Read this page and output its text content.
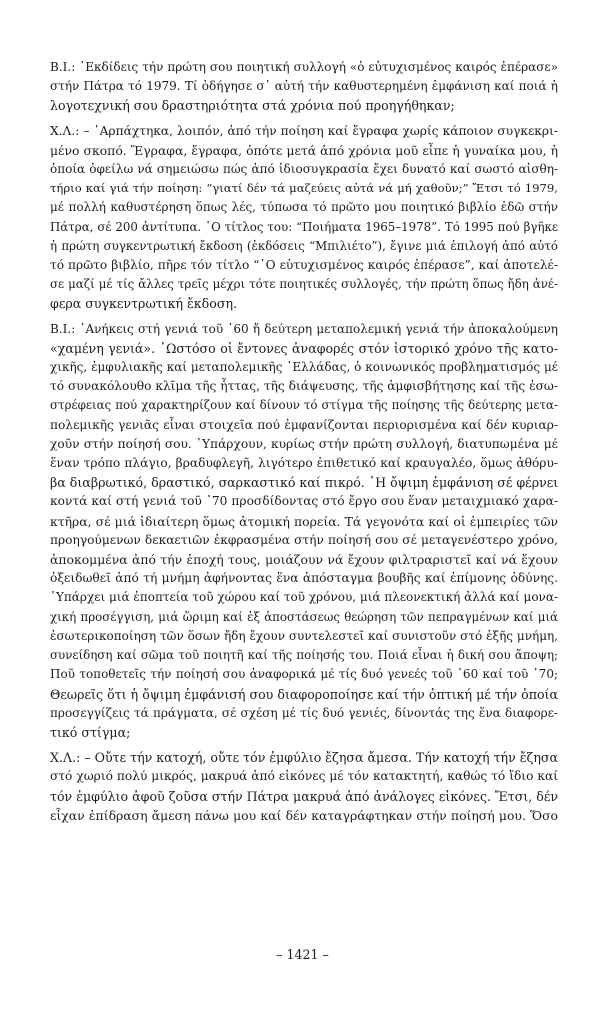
Β.Ι.: ᾿Εκδίδεις τήν πρώτη σου ποιητική συλλογή «ὁ εὐτυχισμένος καιρός ἐπέρασε»
στήν Πάτρα τό 1979. Τί ὁδήγησε σ᾿ αὐτή τήν καθυστερημένη ἐμφάνιση καί ποιά ἡ
λογοτεχνική σου δραστηριότητα στά χρόνια πού προηγήθηκαν;
Χ.Λ.: – ᾿Αρπάχτηκα, λοιπόν, ἀπό τήν ποίηση καί ἔγραφα χωρίς κάποιον συγκεκρι-
μένο σκοπό. Ἔγραφα, ἔγραφα, ὁπότε μετά ἀπό χρόνια μοῦ εἶπε ἡ γυναίκα μου, ἡ
ὁποία ὀφείλω νά σημειώσω πώς ἀπό ἰδιοσυγκρασία ἔχει δυνατό καί σωστό αἰσθη-
τήριο καί γιά τήν ποίηση: “γιατί δέν τά μαζεύεις αὐτά νά μή χαθοῦν;” Ἔτσι τό 1979,
μέ πολλή καθυστέρηση ὅπως λές, τύπωσα τό πρῶτο μου ποιητικό βιβλίο ἐδῶ στήν
Πάτρα, σέ 200 ἀντίτυπα. ῾Ο τίτλος του: “Ποιήματα 1965–1978”. Τό 1995 πού βγῆκε
ἡ πρώτη συγκεντρωτική ἔκδοση (ἐκδόσεις “Μπιλιέτο”), ἔγινε μιά ἐπιλογή ἀπό αὐτό
τό πρῶτο βιβλίο, πῆρε τόν τίτλο “῾Ο εὐτυχισμένος καιρός ἐπέρασε”, καί ἀποτελέ-
σε μαζί μέ τίς ἄλλες τρεῖς μέχρι τότε ποιητικές συλλογές, τήν πρώτη ὅπως ἤδη ἀνέ-
φερα συγκεντρωτική ἔκδοση.
Β.Ι.: ᾿Ανήκεις στή γενιά τοῦ ᾿60 ἤ δεύτερη μεταπολεμική γενιά τήν ἀποκαλούμενη
«χαμένη γενιά». ᾿Ωστόσο οἱ ἔντονες ἀναφορές στόν ἱστορικό χρόνο τῆς κατο-
χικῆς, ἐμφυλιακῆς καί μεταπολεμικῆς ῾Ελλάδας, ὁ κοινωνικός προβληματισμός μέ
τό συνακόλουθο κλῖμα τῆς ἧττας, τῆς διάψευσης, τῆς ἀμφισβήτησης καί τῆς ἐσω-
στρέφειας πού χαρακτηρίζουν καί δίνουν τό στίγμα τῆς ποίησης τῆς δεύτερης μετα-
πολεμικῆς γενιᾶς εἶναι στοιχεῖα πού ἐμφανίζονται περιορισμένα καί δέν κυριαρ-
χοῦν στήν ποίησή σου. ῾Υπάρχουν, κυρίως στήν πρώτη συλλογή, διατυπωμένα μέ
ἕναν τρόπο πλάγιο, βραδυφλεγῆ, λιγότερο ἐπιθετικό καί κραυγαλέο, ὅμως ἀθόρυ-
βα διαβρωτικό, δραστικό, σαρκαστικό καί πικρό. ῾Η ὄψιμη ἐμφάνιση σέ φέρνει
κοντά καί στή γενιά τοῦ ᾿70 προσδίδοντας στό ἔργο σου ἕναν μεταιχμιακό χαρα-
κτῆρα, σέ μιά ἰδιαίτερη ὅμως ἀτομική πορεία. Τά γεγονότα καί οἱ ἐμπειρίες τῶν
προηγούμενων δεκαετιῶν ἐκφρασμένα στήν ποίησή σου σέ μεταγενέστερο χρόνο,
ἀποκομμένα ἀπό τήν ἐποχή τους, μοιάζουν νά ἔχουν φιλτραριστεῖ καί νά ἔχουν
ὀξειδωθεῖ ἀπό τή μνήμη ἀφήνοντας ἕνα ἀπόσταγμα βουβῆς καί ἐπίμονης ὀδύνης.
῾Υπάρχει μιά ἐποπτεία τοῦ χώρου καί τοῦ χρόνου, μιά πλεονεκτική ἀλλά καί μονα-
χική προσέγγιση, μιά ὥριμη καί ἐξ ἀποστάσεως θεώρηση τῶν πεπραγμένων καί μιά
ἐσωτερικοποίηση τῶν ὅσων ἤδη ἔχουν συντελεστεῖ καί συνιστοῦν στό ἑξῆς μνήμη,
συνείδηση καί σῶμα τοῦ ποιητῆ καί τῆς ποίησής του. Ποιά εἶναι ἡ δική σου ἄποψη;
Ποῦ τοποθετεῖς τήν ποίησή σου ἀναφορικά μέ τίς δυό γενεές τοῦ ᾿60 καί τοῦ ᾿70;
Θεωρεῖς ὅτι ἡ ὄψιμη ἐμφάνισή σου διαφοροποίησε καί τήν ὀπτική μέ τήν ὁποία
προσεγγίζεις τά πράγματα, σέ σχέση μέ τίς δυό γενιές, δίνοντάς της ἕνα διαφορε-
τικό στίγμα;
Χ.Λ.: – Οὔτε τήν κατοχή, οὔτε τόν ἐμφύλιο ἔζησα ἄμεσα. Τήν κατοχή τήν ἔζησα
στό χωριό πολύ μικρός, μακρυά ἀπό εἰκόνες μέ τόν κατακτητή, καθώς τό ἴδιο καί
τόν ἐμφύλιο ἀφοῦ ζοῦσα στήν Πάτρα μακρυά ἀπό ἀνάλογες εἰκόνες. Ἔτσι, δέν
εἶχαν ἐπίδραση ἄμεση πάνω μου καί δέν καταγράφτηκαν στήν ποίησή μου. Ὅσο
– 1421 –
